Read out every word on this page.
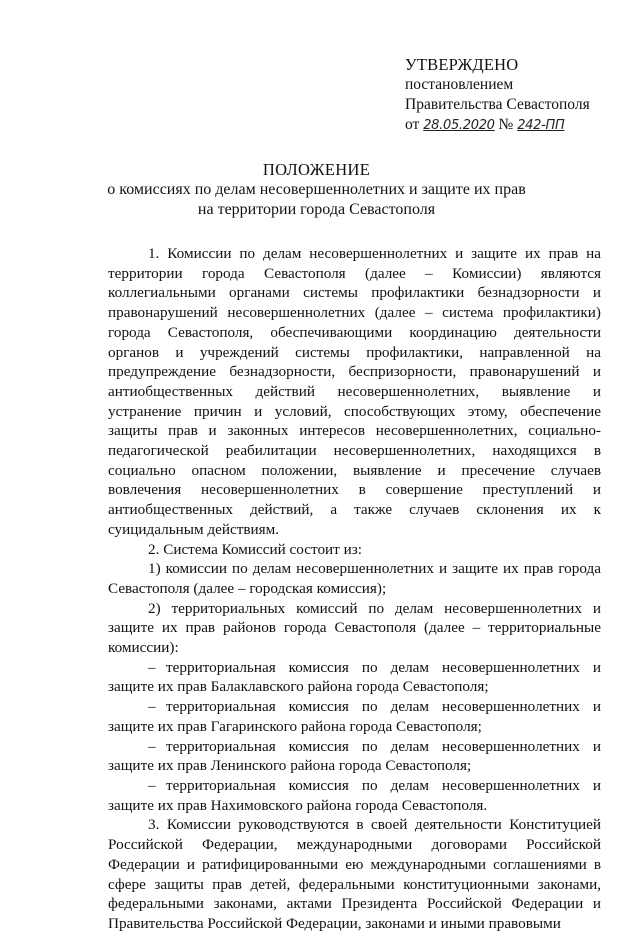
УТВЕРЖДЕНО
постановлением
Правительства Севастополя
от 28.05.2020 № 242-ПП
ПОЛОЖЕНИЕ
о комиссиях по делам несовершеннолетних и защите их прав
на территории города Севастополя

1. Комиссии по делам несовершеннолетних и защите их прав на территории города Севастополя (далее – Комиссии) являются коллегиальными органами системы профилактики безнадзорности и правонарушений несовершеннолетних (далее – система профилактики) города Севастополя, обеспечивающими координацию деятельности органов и учреждений системы профилактики, направленной на предупреждение безнадзорности, беспризорности, правонарушений и антиобщественных действий несовершеннолетних, выявление и устранение причин и условий, способствующих этому, обеспечение защиты прав и законных интересов несовершеннолетних, социально-педагогической реабилитации несовершеннолетних, находящихся в социально опасном положении, выявление и пресечение случаев вовлечения несовершеннолетних в совершение преступлений и антиобщественных действий, а также случаев склонения их к суицидальным действиям.

2. Система Комиссий состоит из:

1) комиссии по делам несовершеннолетних и защите их прав города Севастополя (далее – городская комиссия);

2) территориальных комиссий по делам несовершеннолетних и защите их прав районов города Севастополя (далее – территориальные комиссии):

– территориальная комиссия по делам несовершеннолетних и защите их прав Балаклавского района города Севастополя;

– территориальная комиссия по делам несовершеннолетних и защите их прав Гагаринского района города Севастополя;

– территориальная комиссия по делам несовершеннолетних и защите их прав Ленинского района города Севастополя;

– территориальная комиссия по делам несовершеннолетних и защите их прав Нахимовского района города Севастополя.

3. Комиссии руководствуются в своей деятельности Конституцией Российской Федерации, международными договорами Российской Федерации и ратифицированными ею международными соглашениями в сфере защиты прав детей, федеральными конституционными законами, федеральными законами, актами Президента Российской Федерации и Правительства Российской Федерации, законами и иными правовыми
